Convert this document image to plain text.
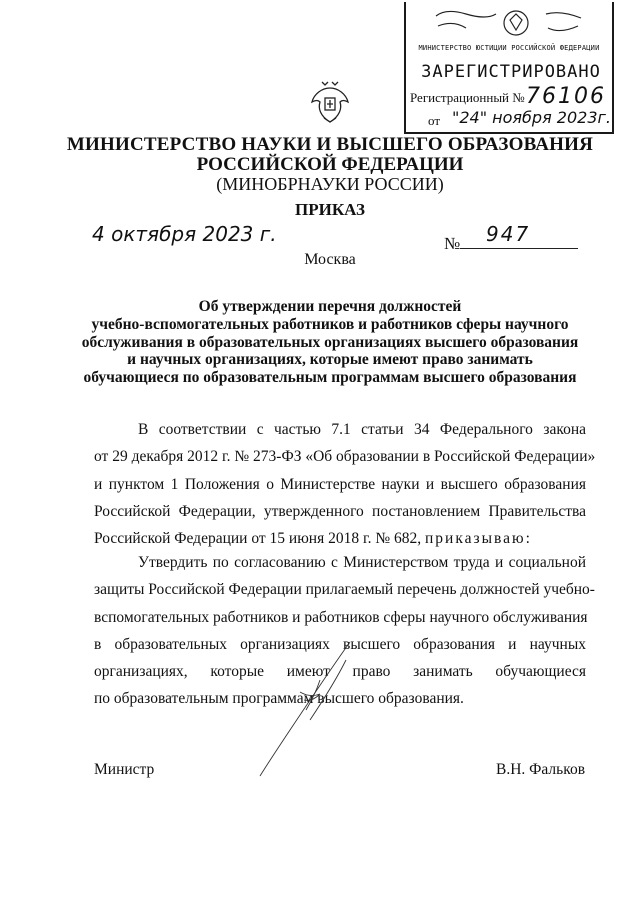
МИНИСТЕРСТВО ЮСТИЦИИ РОССИЙСКОЙ ФЕДЕРАЦИИ
ЗАРЕГИСТРИРОВАНО
Регистрационный № 76106
от "24" ноября 2023г.
МИНИСТЕРСТВО НАУКИ И ВЫСШЕГО ОБРАЗОВАНИЯ
РОССИЙСКОЙ ФЕДЕРАЦИИ
(МИНОБРНАУКИ РОССИИ)
ПРИКАЗ
4 октября 2023 г.	№ 947
Москва
Об утверждении перечня должностей
учебно-вспомогательных работников и работников сферы научного
обслуживания в образовательных организациях высшего образования
и научных организациях, которые имеют право занимать
обучающиеся по образовательным программам высшего образования
В соответствии с частью 7.1 статьи 34 Федерального закона
от 29 декабря 2012 г. № 273-ФЗ «Об образовании в Российской Федерации»
и пунктом 1 Положения о Министерстве науки и высшего образования
Российской Федерации, утвержденного постановлением Правительства
Российской Федерации от 15 июня 2018 г. № 682, приказываю:
Утвердить по согласованию с Министерством труда и социальной
защиты Российской Федерации прилагаемый перечень должностей учебно-
вспомогательных работников и работников сферы научного обслуживания
в образовательных организациях высшего образования и научных
организациях, которые имеют право занимать обучающиеся
по образовательным программам высшего образования.
Министр	В.Н. Фальков
